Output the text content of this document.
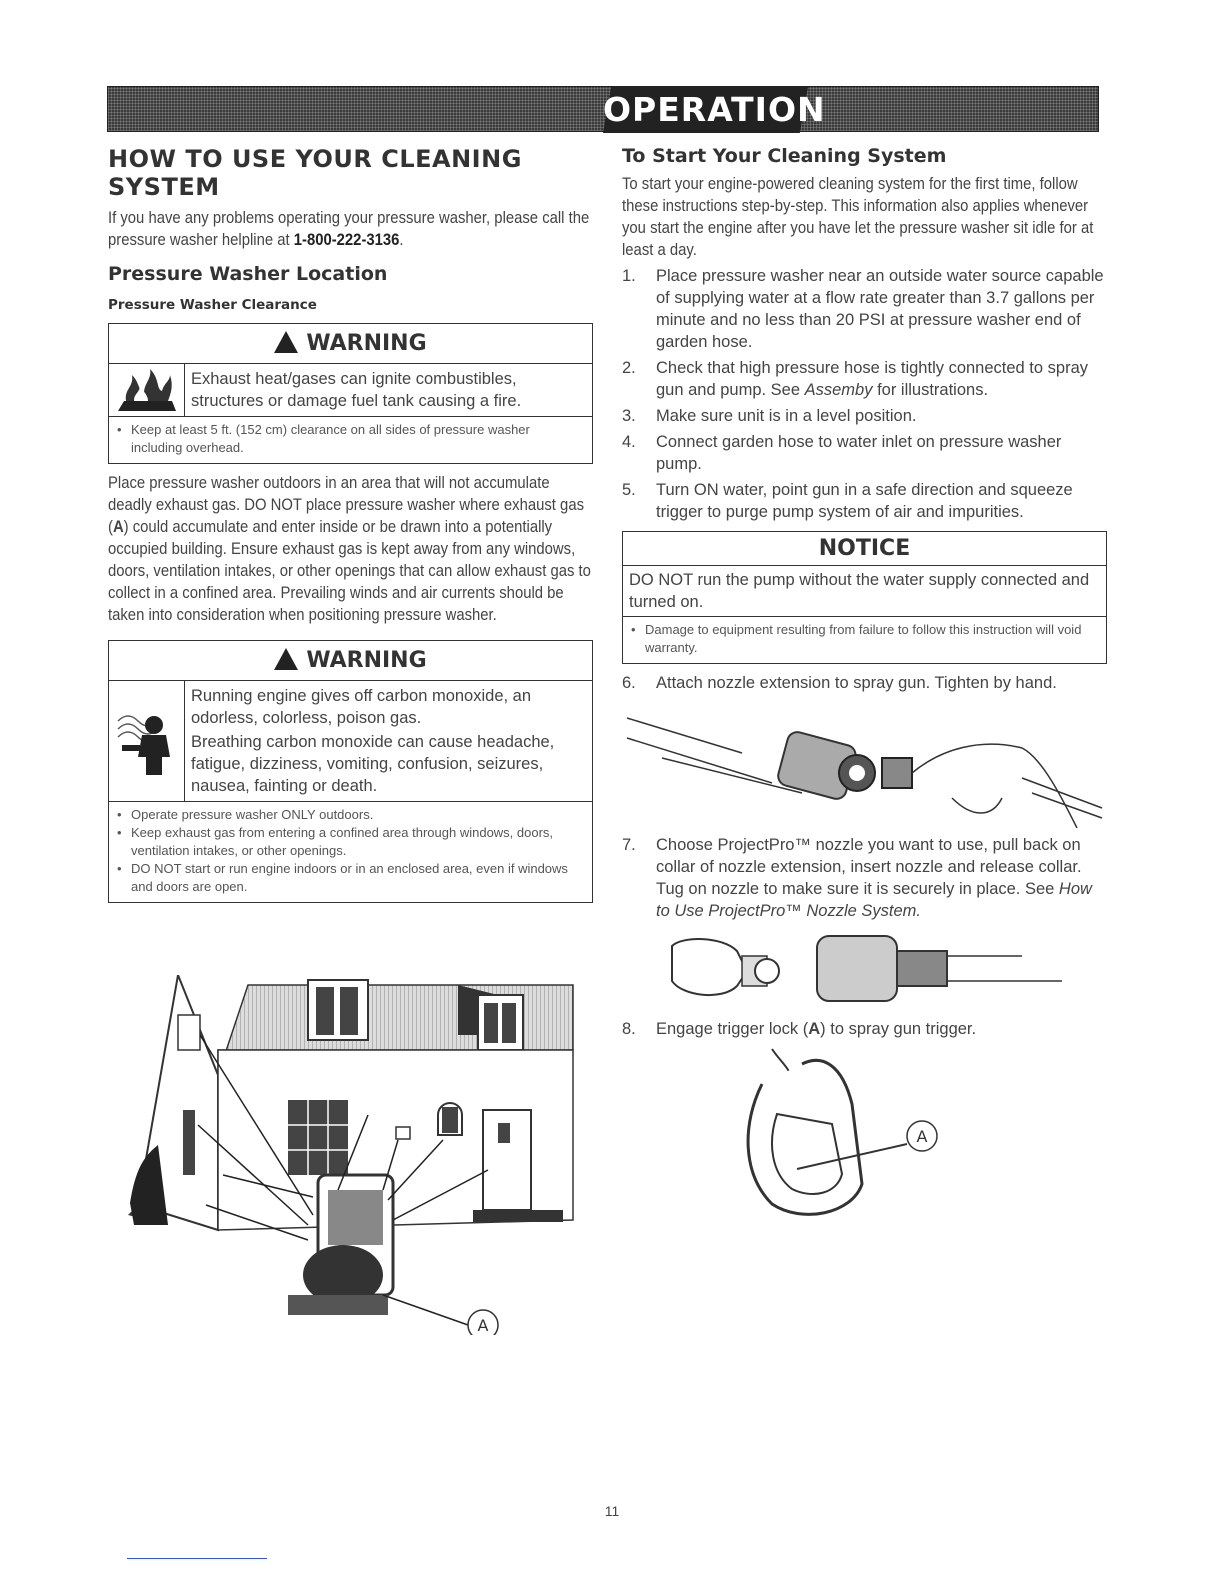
OPERATION
HOW TO USE YOUR CLEANING SYSTEM

If you have any problems operating your pressure washer, please call the pressure washer helpline at 1-800-222-3136.

Pressure Washer Location
Pressure Washer Clearance
WARNING
Exhaust heat/gases can ignite combustibles, structures or damage fuel tank causing a fire.
• Keep at least 5 ft. (152 cm) clearance on all sides of pressure washer including overhead.

Place pressure washer outdoors in an area that will not accumulate deadly exhaust gas. DO NOT place pressure washer where exhaust gas (A) could accumulate and enter inside or be drawn into a potentially occupied building. Ensure exhaust gas is kept away from any windows, doors, ventilation intakes, or other openings that can allow exhaust gas to collect in a confined area. Prevailing winds and air currents should be taken into consideration when positioning pressure washer.

WARNING

Running engine gives off carbon monoxide, an odorless, colorless, poison gas.

Breathing carbon monoxide can cause headache, fatigue, dizziness, vomiting, confusion, seizures, nausea, fainting or death.

• Operate pressure washer ONLY outdoors.
• Keep exhaust gas from entering a confined area through windows, doors, ventilation intakes, or other openings.
• DO NOT start or run engine indoors or in an enclosed area, even if windows and doors are open.
A
To Start Your Cleaning System

To start your engine-powered cleaning system for the first time, follow these instructions step-by-step. This information also applies whenever you start the engine after you have let the pressure washer sit idle for at least a day.

1.	Place pressure washer near an outside water source capable of supplying water at a flow rate greater than 3.7 gallons per minute and no less than 20 PSI at pressure washer end of garden hose.
2.	Check that high pressure hose is tightly connected to spray gun and pump. See Assemby for illustrations.
3.	Make sure unit is in a level position.
4.	Connect garden hose to water inlet on pressure washer pump.
5.	Turn ON water, point gun in a safe direction and squeeze trigger to purge pump system of air and impurities.
NOTICE
DO NOT run the pump without the water supply connected and turned on.
• Damage to equipment resulting from failure to follow this instruction will void warranty.
6.	Attach nozzle extension to spray gun. Tighten by hand.
7.	Choose ProjectPro™ nozzle you want to use, pull back on collar of nozzle extension, insert nozzle and release collar. Tug on nozzle to make sure it is securely in place. See How to Use ProjectPro™ Nozzle System.
8.	Engage trigger lock (A) to spray gun trigger.
A
11
